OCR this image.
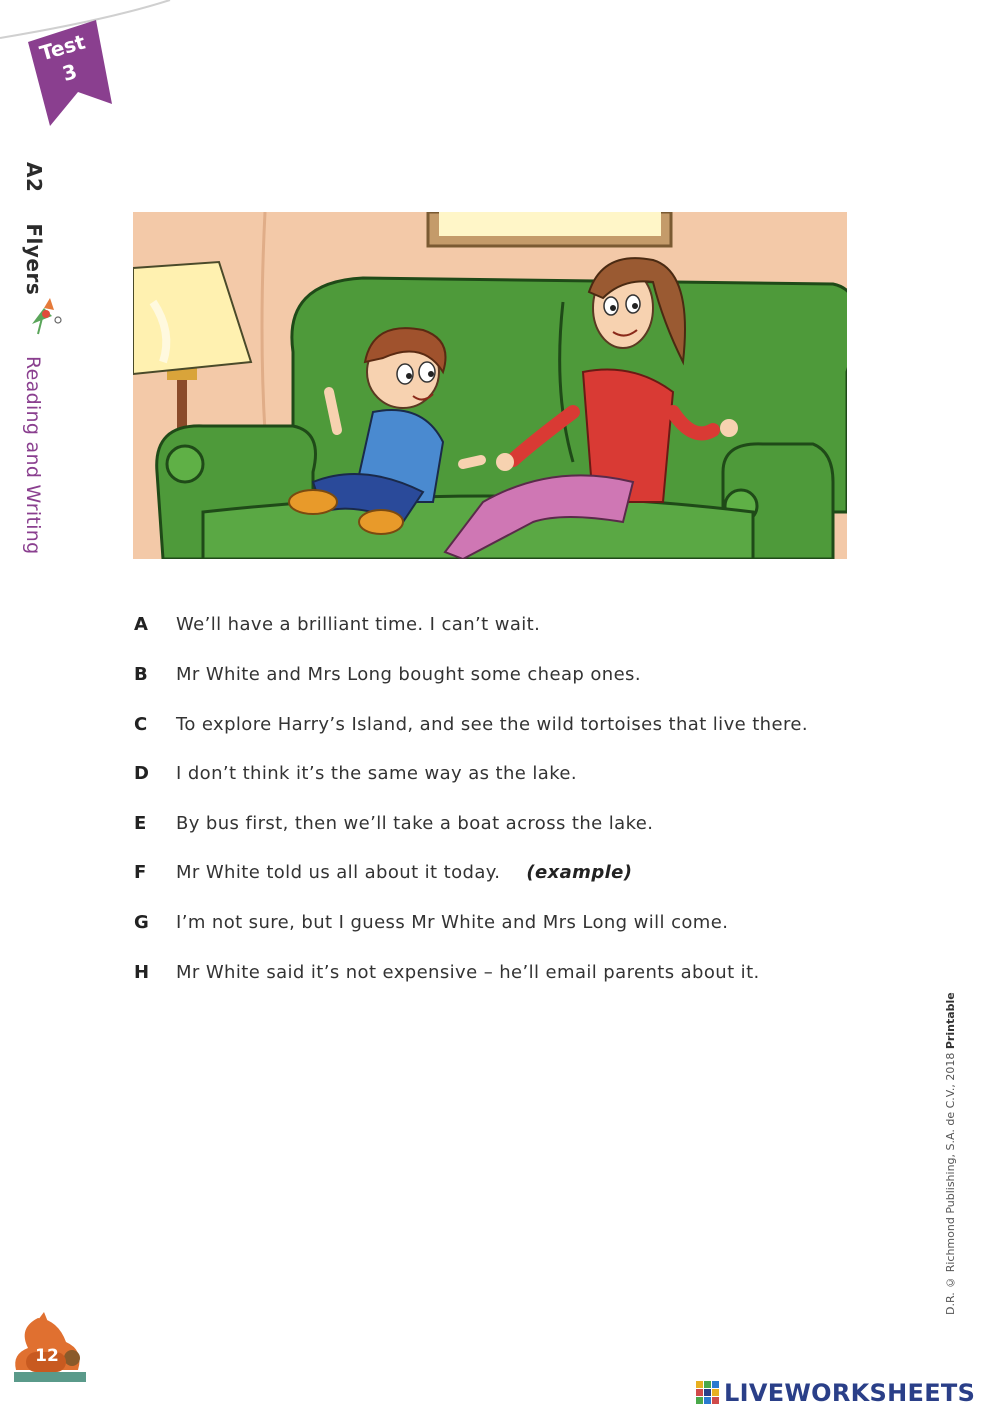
Test
3
A2  Flyers
Reading and Writing
A We’ll have a brilliant time. I can’t wait.
B Mr White and Mrs Long bought some cheap ones.
C To explore Harry’s Island, and see the wild tortoises that live there.
D I don’t think it’s the same way as the lake.
E By bus first, then we’ll take a boat across the lake.
F Mr White told us all about it today. (example)
G I’m not sure, but I guess Mr White and Mrs Long will come.
H Mr White said it’s not expensive – he’ll email parents about it.
D.R. © Richmond Publishing, S.A. de C.V., 2018 Printable
12
LIVEWORKSHEETS
